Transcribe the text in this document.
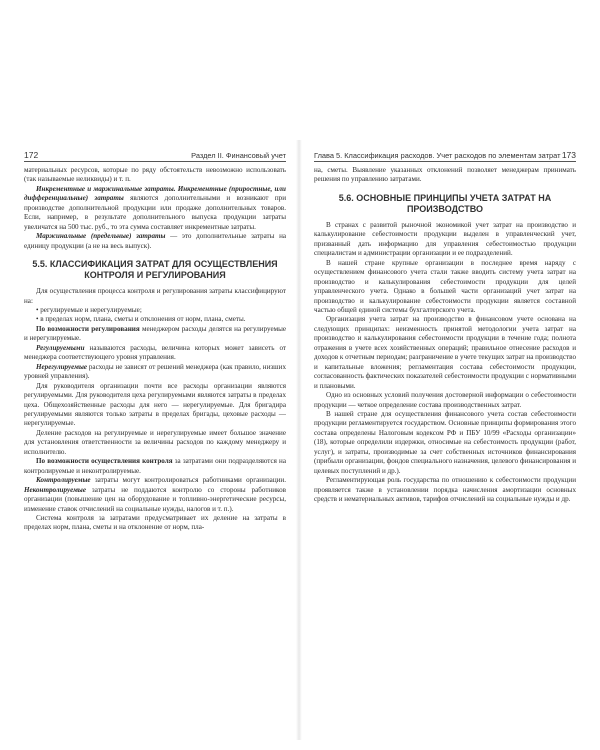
172	Раздел II. Финансовый учет

материальных ресурсов, которые по ряду обстоятельств невозможно использовать (так называемые неликвиды) и т. п.

Инкрементные и маржинальные затраты. Инкрементные (приростные, или дифференциальные) затраты являются дополнительными и возникают при производстве дополнительной продукции или продаже дополнительных товаров. Если, например, в результате дополнительного выпуска продукции затраты увеличатся на 500 тыс. руб., то эта сумма составляет инкрементные затраты.

Маржинальные (предельные) затраты — это дополнительные затраты на единицу продукции (а не на весь выпуск).

5.5. КЛАССИФИКАЦИЯ ЗАТРАТ ДЛЯ ОСУЩЕСТВЛЕНИЯ КОНТРОЛЯ И РЕГУЛИРОВАНИЯ

Для осуществления процесса контроля и регулирования затраты классифицируют на:

• регулируемые и нерегулируемые;

• в пределах норм, плана, сметы и отклонения от норм, плана, сметы.

По возможности регулирования менеджером расходы делятся на регулируемые и нерегулируемые.

Регулируемыми называются расходы, величина которых может зависеть от менеджера соответствующего уровня управления.

Нерегулируемые расходы не зависят от решений менеджера (как правило, низших уровней управления).

Для руководителя организации почти все расходы организации являются регулируемыми. Для руководителя цеха регулируемыми являются затраты в пределах цеха. Общехозяйственные расходы для него — нерегулируемые. Для бригадира регулируемыми являются только затраты в пределах бригады, цеховые расходы — нерегулируемые.

Деление расходов на регулируемые и нерегулируемые имеет большое значение для установления ответственности за величины расходов по каждому менеджеру и исполнителю.

По возможности осуществления контроля за затратами они подразделяются на контролируемые и неконтролируемые.

Контролируемые затраты могут контролироваться работниками организации. Неконтролируемые затраты не поддаются контролю со стороны работников организации (повышение цен на оборудование и топливно-энергетические ресурсы, изменение ставок отчислений на социальные нужды, налогов и т. п.).

Система контроля за затратами предусматривает их деление на затраты в пределах норм, плана, сметы и на отклонение от норм, пла-

Глава 5. Классификация расходов. Учет расходов по элементам затрат 173

на, сметы. Выявление указанных отклонений позволяет менеджерам принимать решения по управлению затратами.

5.6. ОСНОВНЫЕ ПРИНЦИПЫ УЧЕТА ЗАТРАТ НА ПРОИЗВОДСТВО

В странах с развитой рыночной экономикой учет затрат на производство и калькулирование себестоимости продукции выделен в управленческий учет, призванный дать информацию для управления себестоимостью продукции специалистам и администрации организации и ее подразделений.

В нашей стране крупные организации в последнее время наряду с осуществлением финансового учета стали также вводить систему учета затрат на производство и калькулирования себестоимости продукции для целей управленческого учета. Однако в большей части организаций учет затрат на производство и калькулирование себестоимости продукции является составной частью общей единой системы бухгалтерского учета.

Организация учета затрат на производство в финансовом учете основана на следующих принципах: неизменность принятой методологии учета затрат на производство и калькулирования себестоимости продукции в течение года; полнота отражения в учете всех хозяйственных операций; правильное отнесение расходов и доходов к отчетным периодам; разграничение в учете текущих затрат на производство и капитальные вложения; регламентация состава себестоимости продукции, согласованность фактических показателей себестоимости продукции с нормативными и плановыми.

Одно из основных условий получения достоверной информации о себестоимости продукции — четкое определение состава производственных затрат.

В нашей стране для осуществления финансового учета состав себестоимости продукции регламентируется государством. Основные принципы формирования этого состава определены Налоговым кодексом РФ и ПБУ 10/99 «Расходы организации» (18), которые определили издержки, относимые на себестоимость продукции (работ, услуг), и затраты, производимые за счет собственных источников финансирования (прибыли организации, фондов специального назначения, целевого финансирования и целевых поступлений и др.).

Регламентирующая роль государства по отношению к себестоимости продукции проявляется также в установлении порядка начисления амортизации основных средств и нематериальных активов, тарифов отчислений на социальные нужды и др.
